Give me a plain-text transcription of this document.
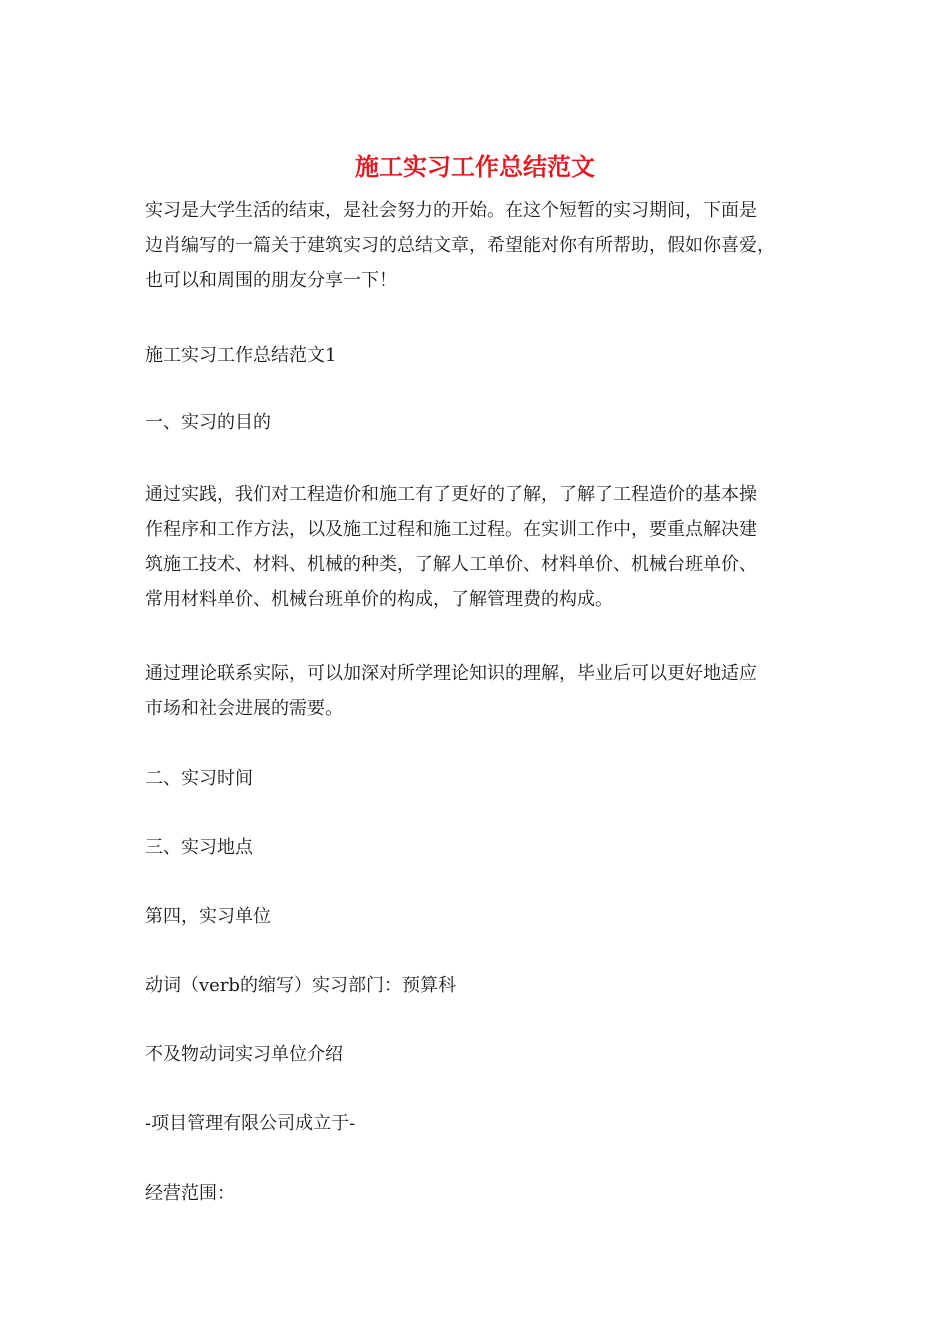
施工实习工作总结范文
实习是大学生活的结束，是社会努力的开始。在这个短暂的实习期间，下面是
边肖编写的一篇关于建筑实习的总结文章，希望能对你有所帮助，假如你喜爱，
也可以和周围的朋友分享一下！
施工实习工作总结范文1
一、实习的目的
通过实践，我们对工程造价和施工有了更好的了解，了解了工程造价的基本操
作程序和工作方法，以及施工过程和施工过程。在实训工作中，要重点解决建
筑施工技术、材料、机械的种类，了解人工单价、材料单价、机械台班单价、
常用材料单价、机械台班单价的构成，了解管理费的构成。
通过理论联系实际，可以加深对所学理论知识的理解，毕业后可以更好地适应
市场和社会进展的需要。
二、实习时间
三、实习地点
第四，实习单位
动词（verb的缩写）实习部门：预算科
不及物动词实习单位介绍
-项目管理有限公司成立于-
经营范围：
